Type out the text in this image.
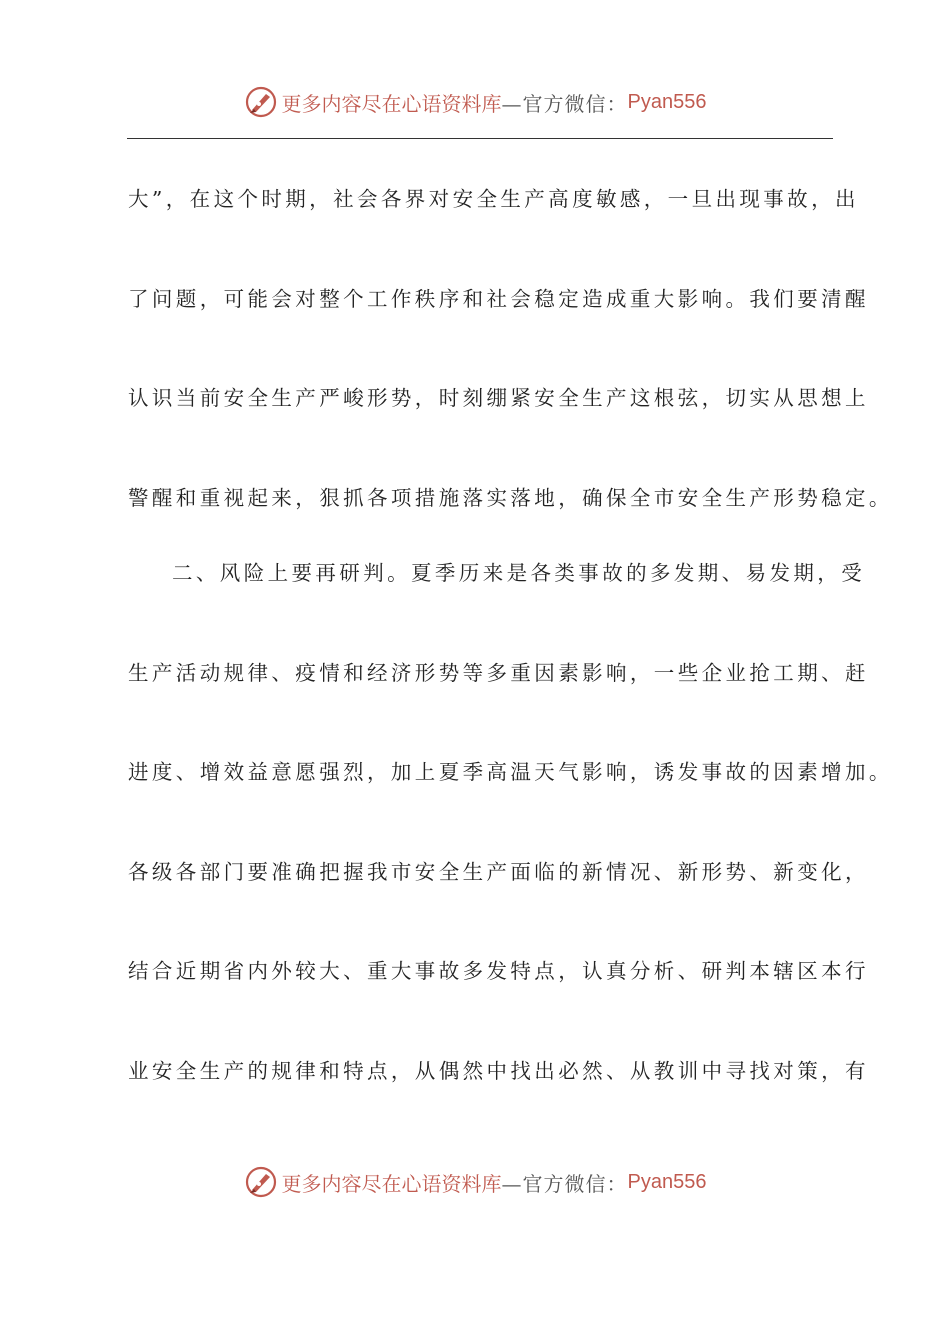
更多内容尽在心语资料库 —官方微信： Pyan556
大”，在这个时期，社会各界对安全生产高度敏感，一旦出现事故，出
了问题，可能会对整个工作秩序和社会稳定造成重大影响。我们要清醒
认识当前安全生产严峻形势，时刻绷紧安全生产这根弦，切实从思想上
警醒和重视起来，狠抓各项措施落实落地，确保全市安全生产形势稳定。
二、风险上要再研判。夏季历来是各类事故的多发期、易发期，受
生产活动规律、疫情和经济形势等多重因素影响，一些企业抢工期、赶
进度、增效益意愿强烈，加上夏季高温天气影响，诱发事故的因素增加。
各级各部门要准确把握我市安全生产面临的新情况、新形势、新变化，
结合近期省内外较大、重大事故多发特点，认真分析、研判本辖区本行
业安全生产的规律和特点，从偶然中找出必然、从教训中寻找对策，有
更多内容尽在心语资料库 —官方微信： Pyan556
